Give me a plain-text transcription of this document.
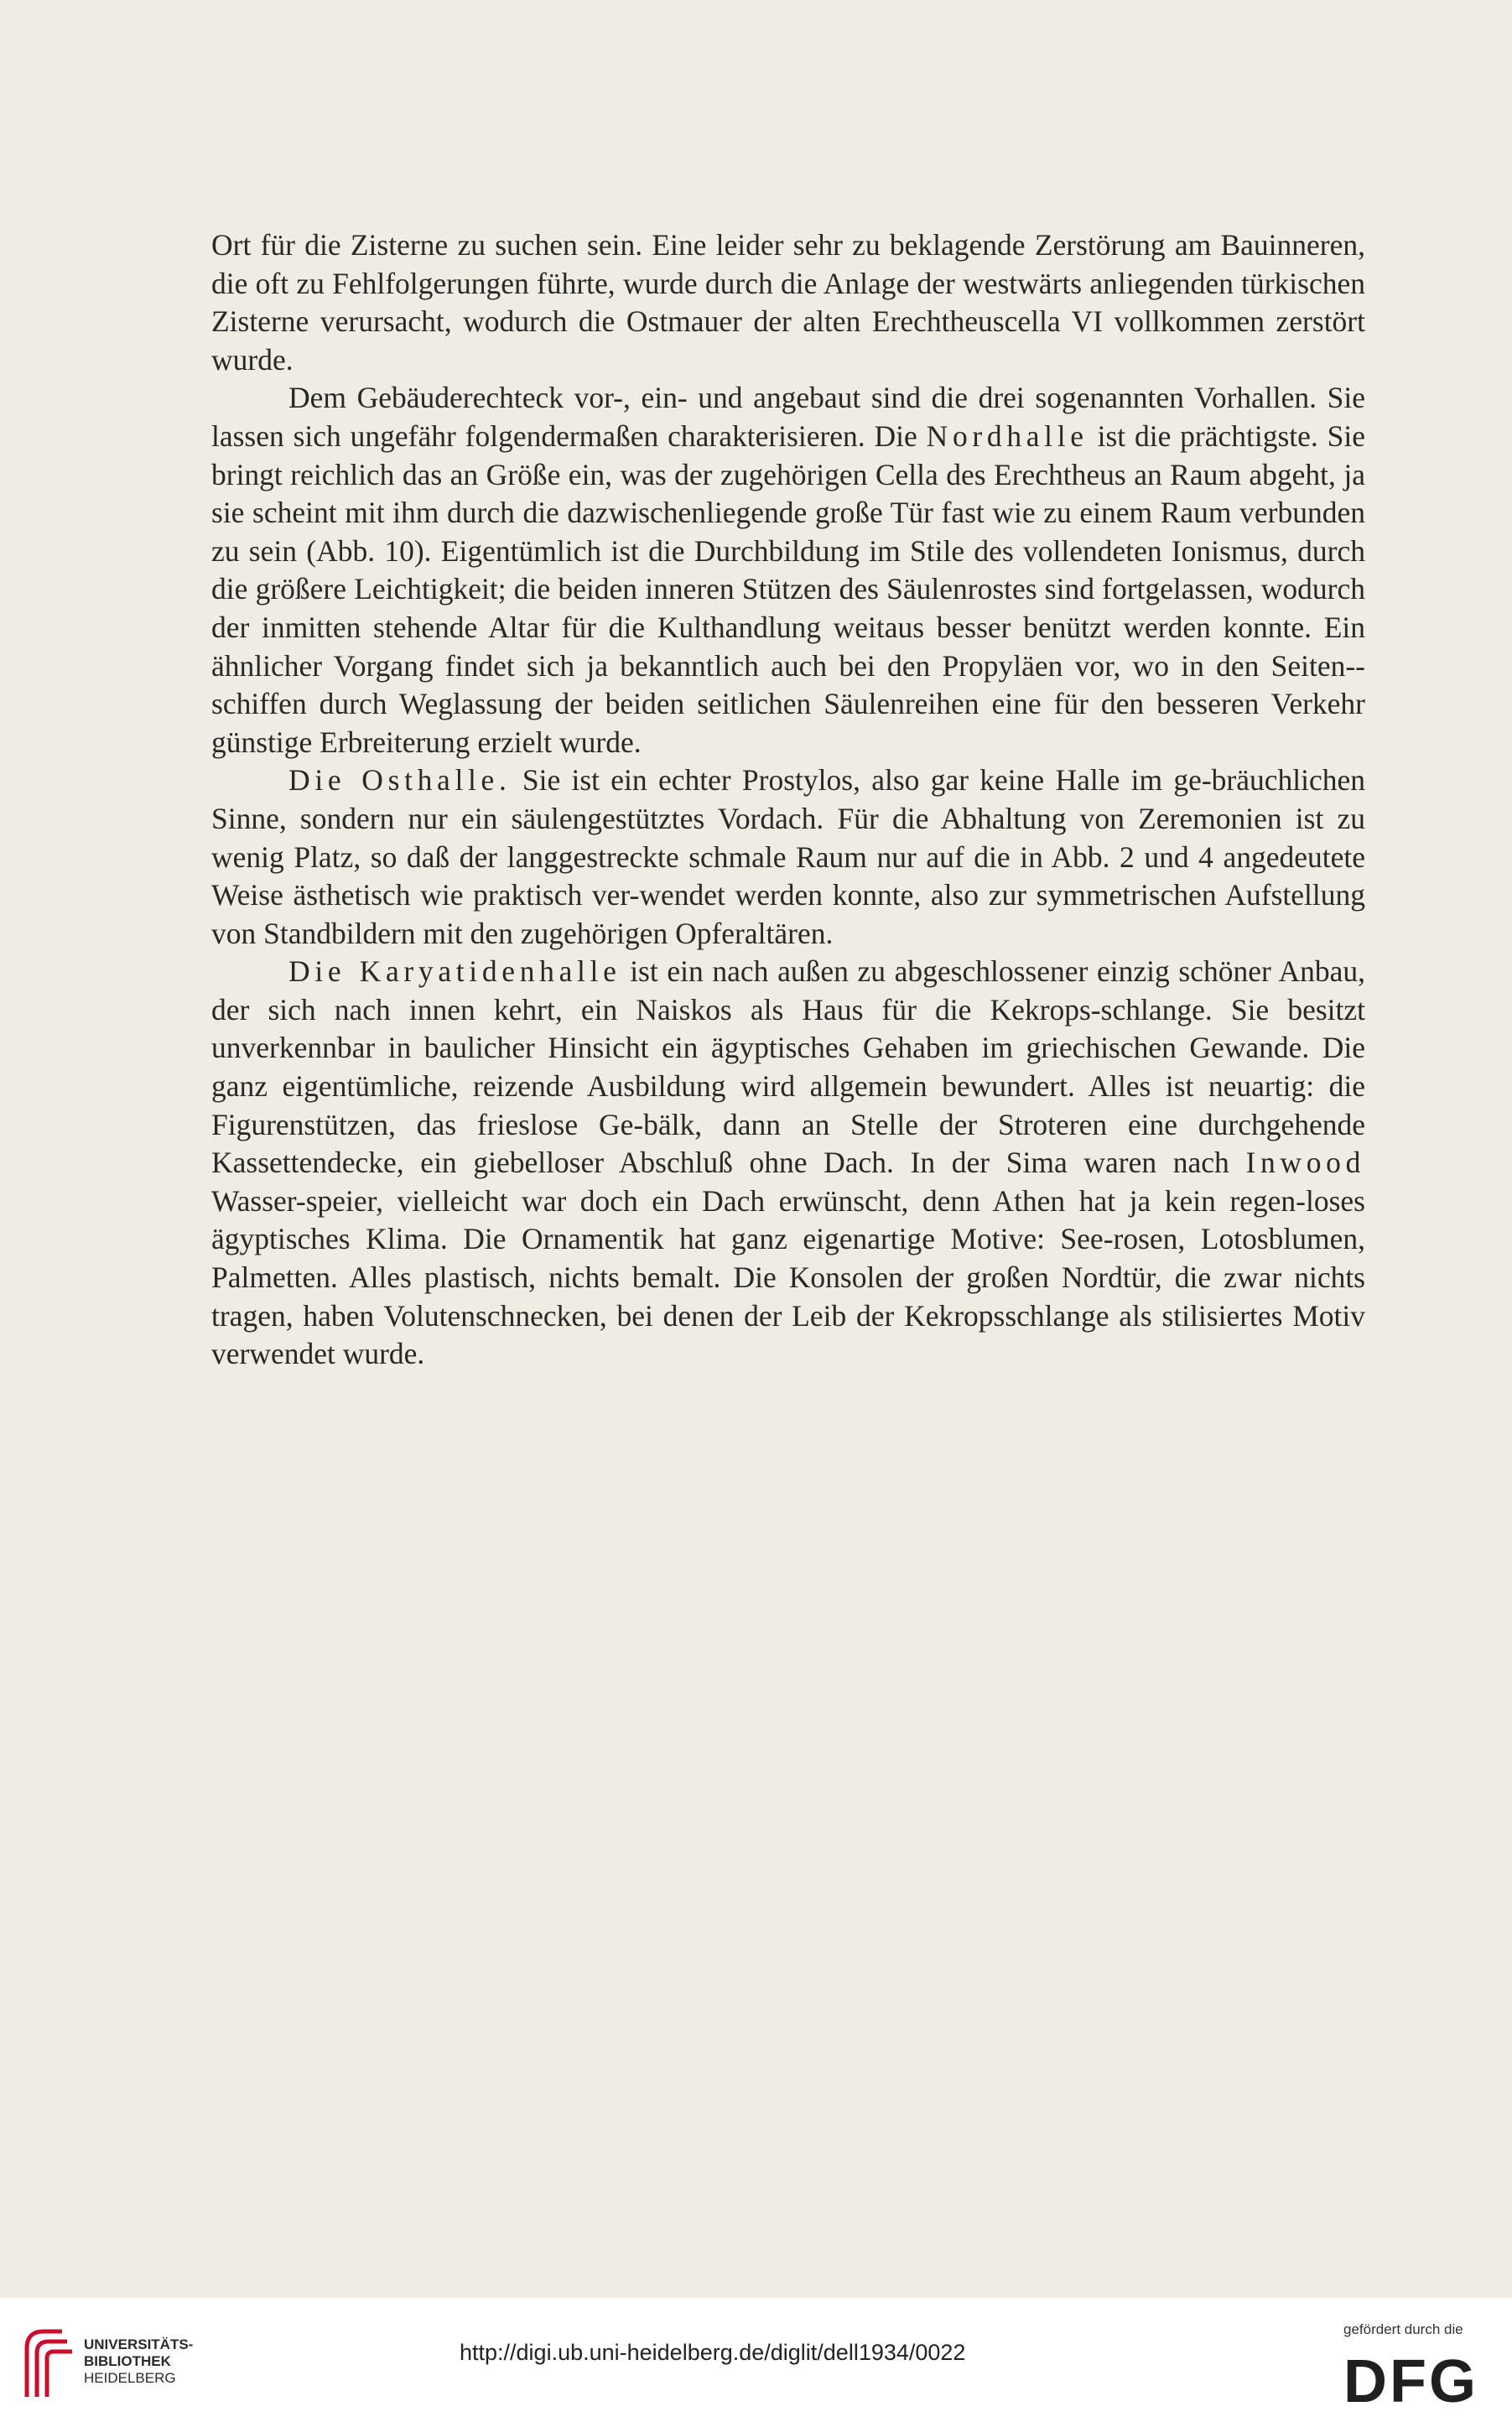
Ort für die Zisterne zu suchen sein. Eine leider sehr zu beklagende Zerstörung am Bauinneren, die oft zu Fehlfolgerungen führte, wurde durch die Anlage der westwärts anliegenden türkischen Zisterne verursacht, wodurch die Ostmauer der alten Erechtheuscella VI vollkommen zerstört wurde.

Dem Gebäuderechteck vor-, ein- und angebaut sind die drei sogenannten Vorhallen. Sie lassen sich ungefähr folgendermaßen charakterisieren. Die Nordhalle ist die prächtigste. Sie bringt reichlich das an Größe ein, was der zugehörigen Cella des Erechtheus an Raum abgeht, ja sie scheint mit ihm durch die dazwischenliegende große Tür fast wie zu einem Raum verbunden zu sein (Abb. 10). Eigentümlich ist die Durchbildung im Stile des vollendeten Ionismus, durch die größere Leichtigkeit; die beiden inneren Stützen des Säulenrostes sind fortgelassen, wodurch der inmitten stehende Altar für die Kulthandlung weitaus besser benützt werden konnte. Ein ähnlicher Vorgang findet sich ja bekanntlich auch bei den Propyläen vor, wo in den Seiten-schiffen durch Weglassung der beiden seitlichen Säulenreihen eine für den besseren Verkehr günstige Erbreiterung erzielt wurde.

Die Osthalle. Sie ist ein echter Prostylos, also gar keine Halle im ge-bräuchlichen Sinne, sondern nur ein säulengestütztes Vordach. Für die Abhaltung von Zeremonien ist zu wenig Platz, so daß der langgestreckte schmale Raum nur auf die in Abb. 2 und 4 angedeutete Weise ästhetisch wie praktisch ver-wendet werden konnte, also zur symmetrischen Aufstellung von Standbildern mit den zugehörigen Opferaltären.

Die Karyatidenhalle ist ein nach außen zu abgeschlossener einzig schöner Anbau, der sich nach innen kehrt, ein Naiskos als Haus für die Kekrops-schlange. Sie besitzt unverkennbar in baulicher Hinsicht ein ägyptisches Gehaben im griechischen Gewande. Die ganz eigentümliche, reizende Ausbildung wird allgemein bewundert. Alles ist neuartig: die Figurenstützen, das frieslose Ge-bälk, dann an Stelle der Stroteren eine durchgehende Kassettendecke, ein giebelloser Abschluß ohne Dach. In der Sima waren nach Inwood Wasser-speier, vielleicht war doch ein Dach erwünscht, denn Athen hat ja kein regen-loses ägyptisches Klima. Die Ornamentik hat ganz eigenartige Motive: See-rosen, Lotosblumen, Palmetten. Alles plastisch, nichts bemalt. Die Konsolen der großen Nordtür, die zwar nichts tragen, haben Volutenschnecken, bei denen der Leib der Kekropsschlange als stilisiertes Motiv verwendet wurde.

UNIVERSITÄTS-
BIBLIOTHEK
HEIDELBERG
http://digi.ub.uni-heidelberg.de/diglit/dell1934/0022
gefördert durch die
DFG
